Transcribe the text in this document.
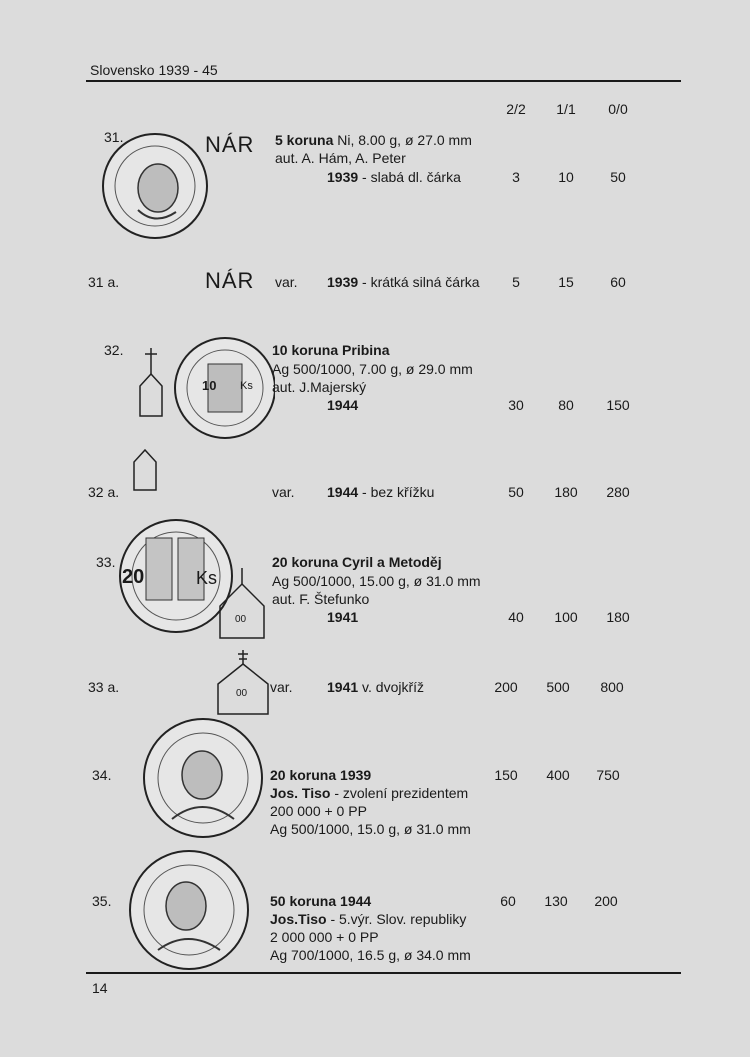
Slovensko 1939 - 45
2/2	1/1	0/0
NÁR
31.	5 koruna Ni, 8.00 g, ø 27.0 mm
aut. A. Hám, A. Peter
1939 - slabá dl. čárka	3	10	50
31 a.	NÁR var. 1939 - krátká silná čárka	5	15	60
10 Ks
32.	10 koruna Pribina
Ag 500/1000, 7.00 g, ø 29.0 mm
aut. J.Majerský
1944	30	80	150
32 a.	var. 1944 - bez křížku	50	180	280
20	Ks
00
33.	20 koruna Cyril a Metoděj
Ag 500/1000, 15.00 g, ø 31.0 mm
aut. F. Štefunko
1941	40	100	180
00
33 a.	var. 1941 v. dvojkříž	200	500	800
34.	20 koruna 1939
Jos. Tiso - zvolení prezidentem
200 000 + 0 PP
Ag 500/1000, 15.0 g, ø 31.0 mm
150	400	750
35.	50 koruna 1944
Jos.Tiso - 5.výr. Slov. republiky
2 000 000 + 0 PP
Ag 700/1000, 16.5 g, ø 34.0 mm
60	130	200
14
